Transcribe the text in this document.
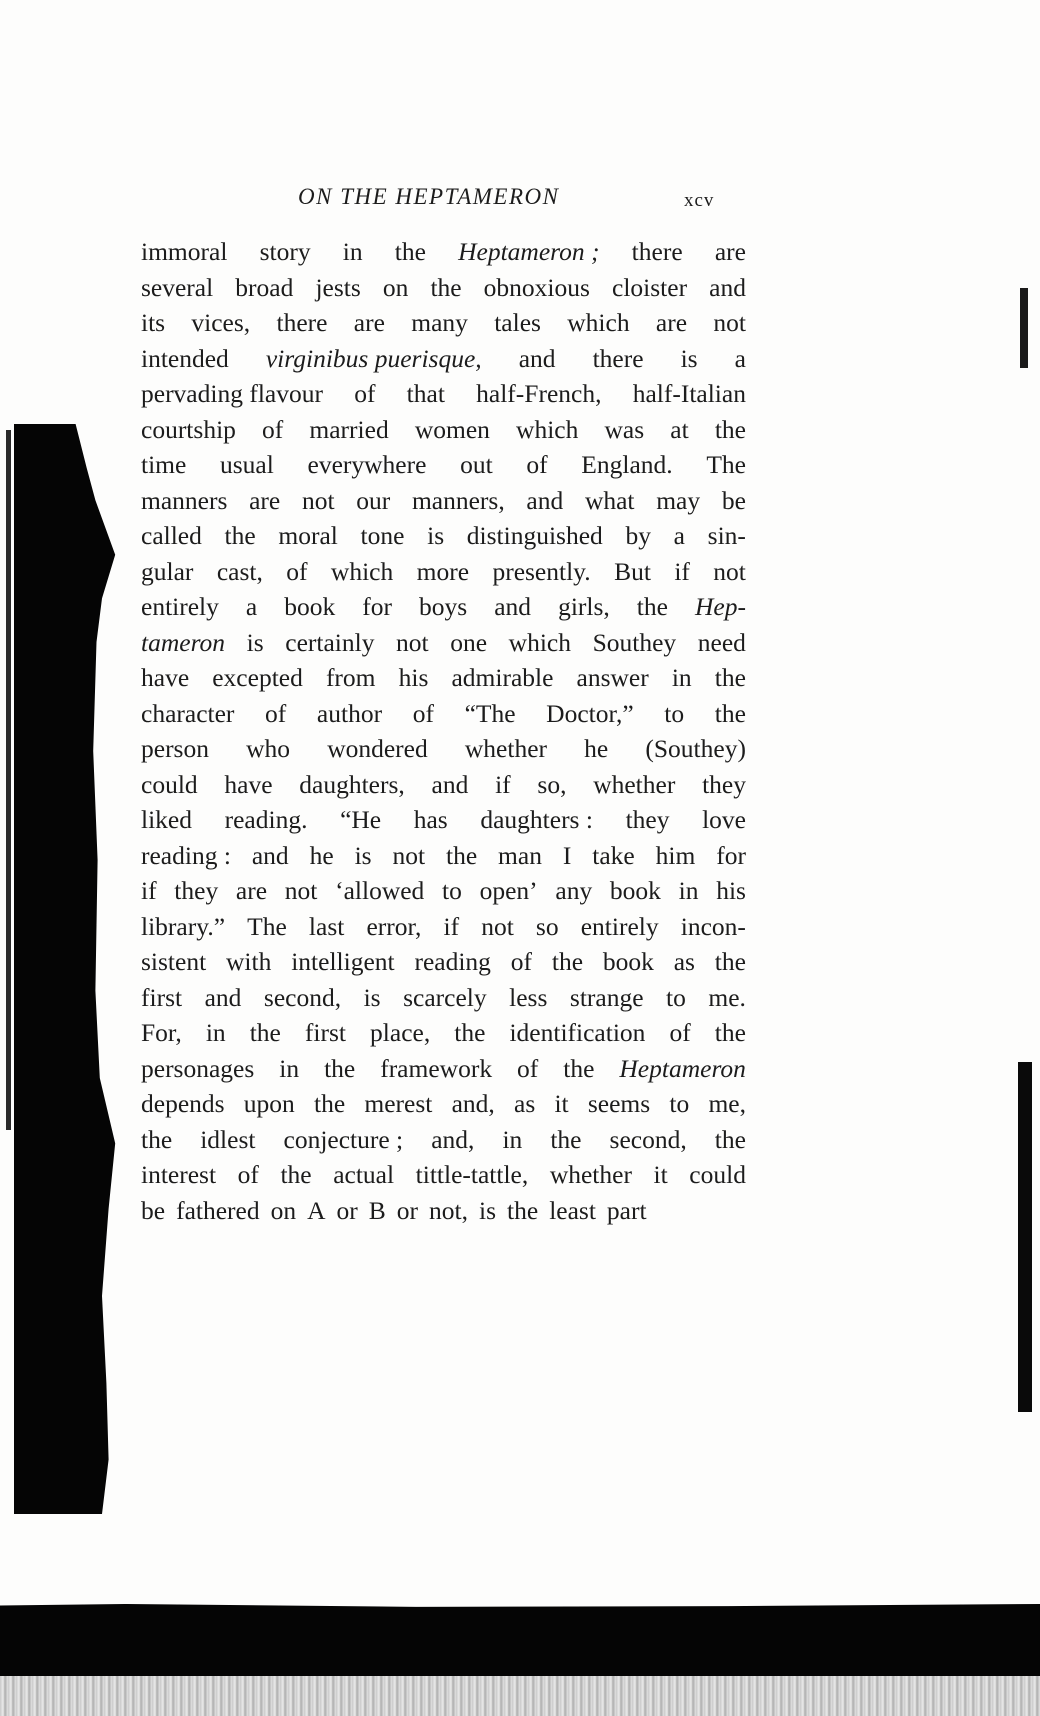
ON THE HEPTAMERON	xcv
immoral story in the Heptameron ; there are
several broad jests on the obnoxious cloister and
its vices, there are many tales which are not
intended virginibus puerisque, and there is a
pervading flavour of that half-French, half-Italian
courtship of married women which was at the
time usual everywhere out of England. The
manners are not our manners, and what may be
called the moral tone is distinguished by a sin-
gular cast, of which more presently. But if not
entirely a book for boys and girls, the Hep-
tameron is certainly not one which Southey need
have excepted from his admirable answer in the
character of author of “The Doctor,” to the
person who wondered whether he (Southey)
could have daughters, and if so, whether they
liked reading. “He has daughters : they love
reading : and he is not the man I take him for
if they are not ‘allowed to open’ any book in his
library.” The last error, if not so entirely incon-
sistent with intelligent reading of the book as the
first and second, is scarcely less strange to me.
For, in the first place, the identification of the
personages in the framework of the Heptameron
depends upon the merest and, as it seems to me,
the idlest conjecture ; and, in the second, the
interest of the actual tittle-tattle, whether it could
be fathered on A or B or not, is the least part
